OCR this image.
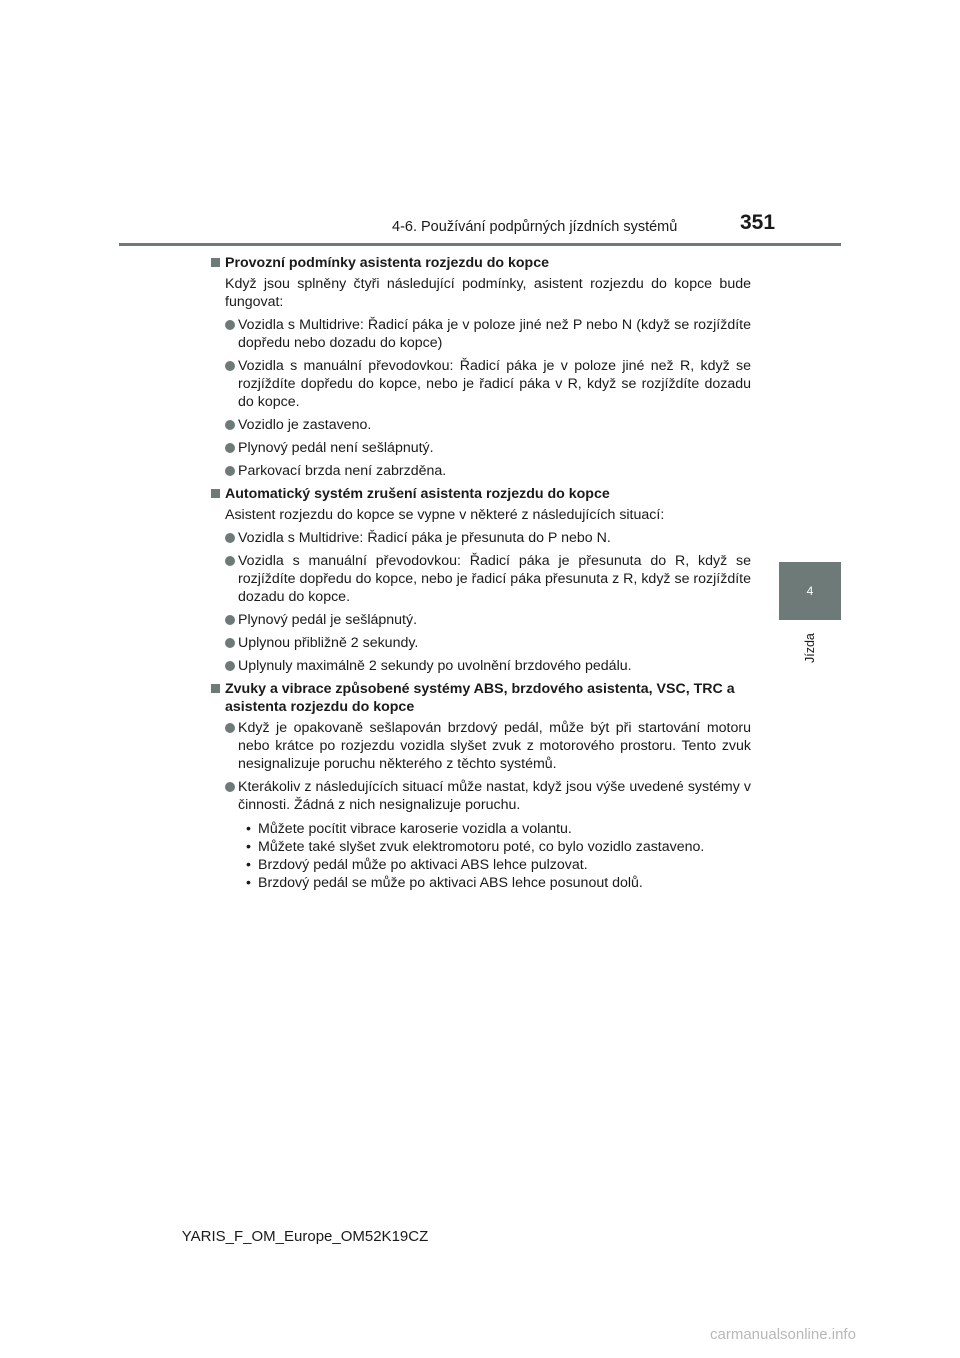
4-6. Používání podpůrných jízdních systémů	351
4
Jízda
Provozní podmínky asistenta rozjezdu do kopce
Když jsou splněny čtyři následující podmínky, asistent rozjezdu do kopce bude fungovat:
Vozidla s Multidrive: Řadicí páka je v poloze jiné než P nebo N (když se rozjíždíte dopředu nebo dozadu do kopce)
Vozidla s manuální převodovkou: Řadicí páka je v poloze jiné než R, když se rozjíždíte dopředu do kopce, nebo je řadicí páka v R, když se rozjíždíte dozadu do kopce.
Vozidlo je zastaveno.
Plynový pedál není sešlápnutý.
Parkovací brzda není zabrzděna.
Automatický systém zrušení asistenta rozjezdu do kopce
Asistent rozjezdu do kopce se vypne v některé z následujících situací:
Vozidla s Multidrive: Řadicí páka je přesunuta do P nebo N.
Vozidla s manuální převodovkou: Řadicí páka je přesunuta do R, když se rozjíždíte dopředu do kopce, nebo je řadicí páka přesunuta z R, když se rozjíždíte dozadu do kopce.
Plynový pedál je sešlápnutý.
Uplynou přibližně 2 sekundy.
Uplynuly maximálně 2 sekundy po uvolnění brzdového pedálu.
Zvuky a vibrace způsobené systémy ABS, brzdového asistenta, VSC, TRC a asistenta rozjezdu do kopce
Když je opakovaně sešlapován brzdový pedál, může být při startování motoru nebo krátce po rozjezdu vozidla slyšet zvuk z motorového prostoru. Tento zvuk nesignalizuje poruchu některého z těchto systémů.
Kterákoliv z následujících situací může nastat, když jsou výše uvedené systémy v činnosti. Žádná z nich nesignalizuje poruchu.
• Můžete pocítit vibrace karoserie vozidla a volantu.
• Můžete také slyšet zvuk elektromotoru poté, co bylo vozidlo zastaveno.
• Brzdový pedál může po aktivaci ABS lehce pulzovat.
• Brzdový pedál se může po aktivaci ABS lehce posunout dolů.
YARIS_F_OM_Europe_OM52K19CZ
carmanualsonline.info
